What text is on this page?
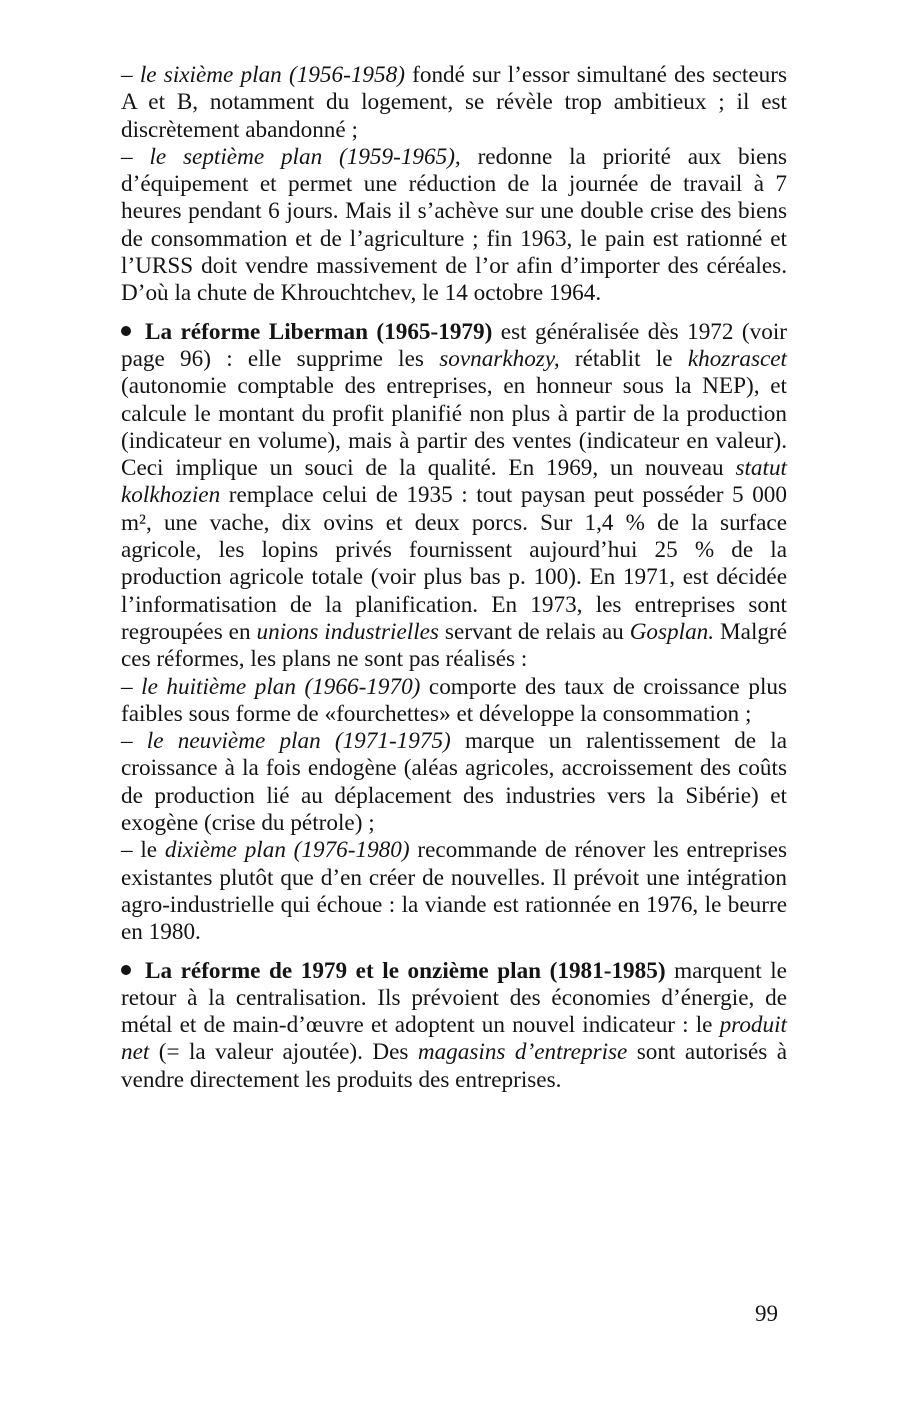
– le sixième plan (1956-1958) fondé sur l’essor simultané des secteurs A et B, notamment du logement, se révèle trop ambitieux ; il est discrètement abandonné ;

– le septième plan (1959-1965), redonne la priorité aux biens d’équipement et permet une réduction de la journée de travail à 7 heures pendant 6 jours. Mais il s’achève sur une double crise des biens de consommation et de l’agriculture ; fin 1963, le pain est rationné et l’URSS doit vendre massivement de l’or afin d’importer des céréales. D’où la chute de Khrouchtchev, le 14 octobre 1964.

La réforme Liberman (1965-1979) est généralisée dès 1972 (voir page 96) : elle supprime les sovnarkhozy, rétablit le khozrascet (autonomie comptable des entreprises, en honneur sous la NEP), et calcule le montant du profit planifié non plus à partir de la production (indicateur en volume), mais à partir des ventes (indicateur en valeur). Ceci implique un souci de la qualité. En 1969, un nouveau statut kolkhozien remplace celui de 1935 : tout paysan peut posséder 5 000 m², une vache, dix ovins et deux porcs. Sur 1,4 % de la surface agricole, les lopins privés fournissent aujourd’hui 25 % de la production agricole totale (voir plus bas p. 100). En 1971, est décidée l’informatisation de la planification. En 1973, les entreprises sont regroupées en unions industrielles servant de relais au Gosplan. Malgré ces réformes, les plans ne sont pas réalisés :

– le huitième plan (1966-1970) comporte des taux de croissance plus faibles sous forme de «fourchettes» et développe la consommation ;

– le neuvième plan (1971-1975) marque un ralentissement de la croissance à la fois endogène (aléas agricoles, accroissement des coûts de production lié au déplacement des industries vers la Sibérie) et exogène (crise du pétrole) ;

– le dixième plan (1976-1980) recommande de rénover les entreprises existantes plutôt que d’en créer de nouvelles. Il prévoit une intégration agro-industrielle qui échoue : la viande est rationnée en 1976, le beurre en 1980.

La réforme de 1979 et le onzième plan (1981-1985) marquent le retour à la centralisation. Ils prévoient des économies d’énergie, de métal et de main-d’œuvre et adoptent un nouvel indicateur : le produit net (= la valeur ajoutée). Des magasins d’entreprise sont autorisés à vendre directement les produits des entreprises.

99
